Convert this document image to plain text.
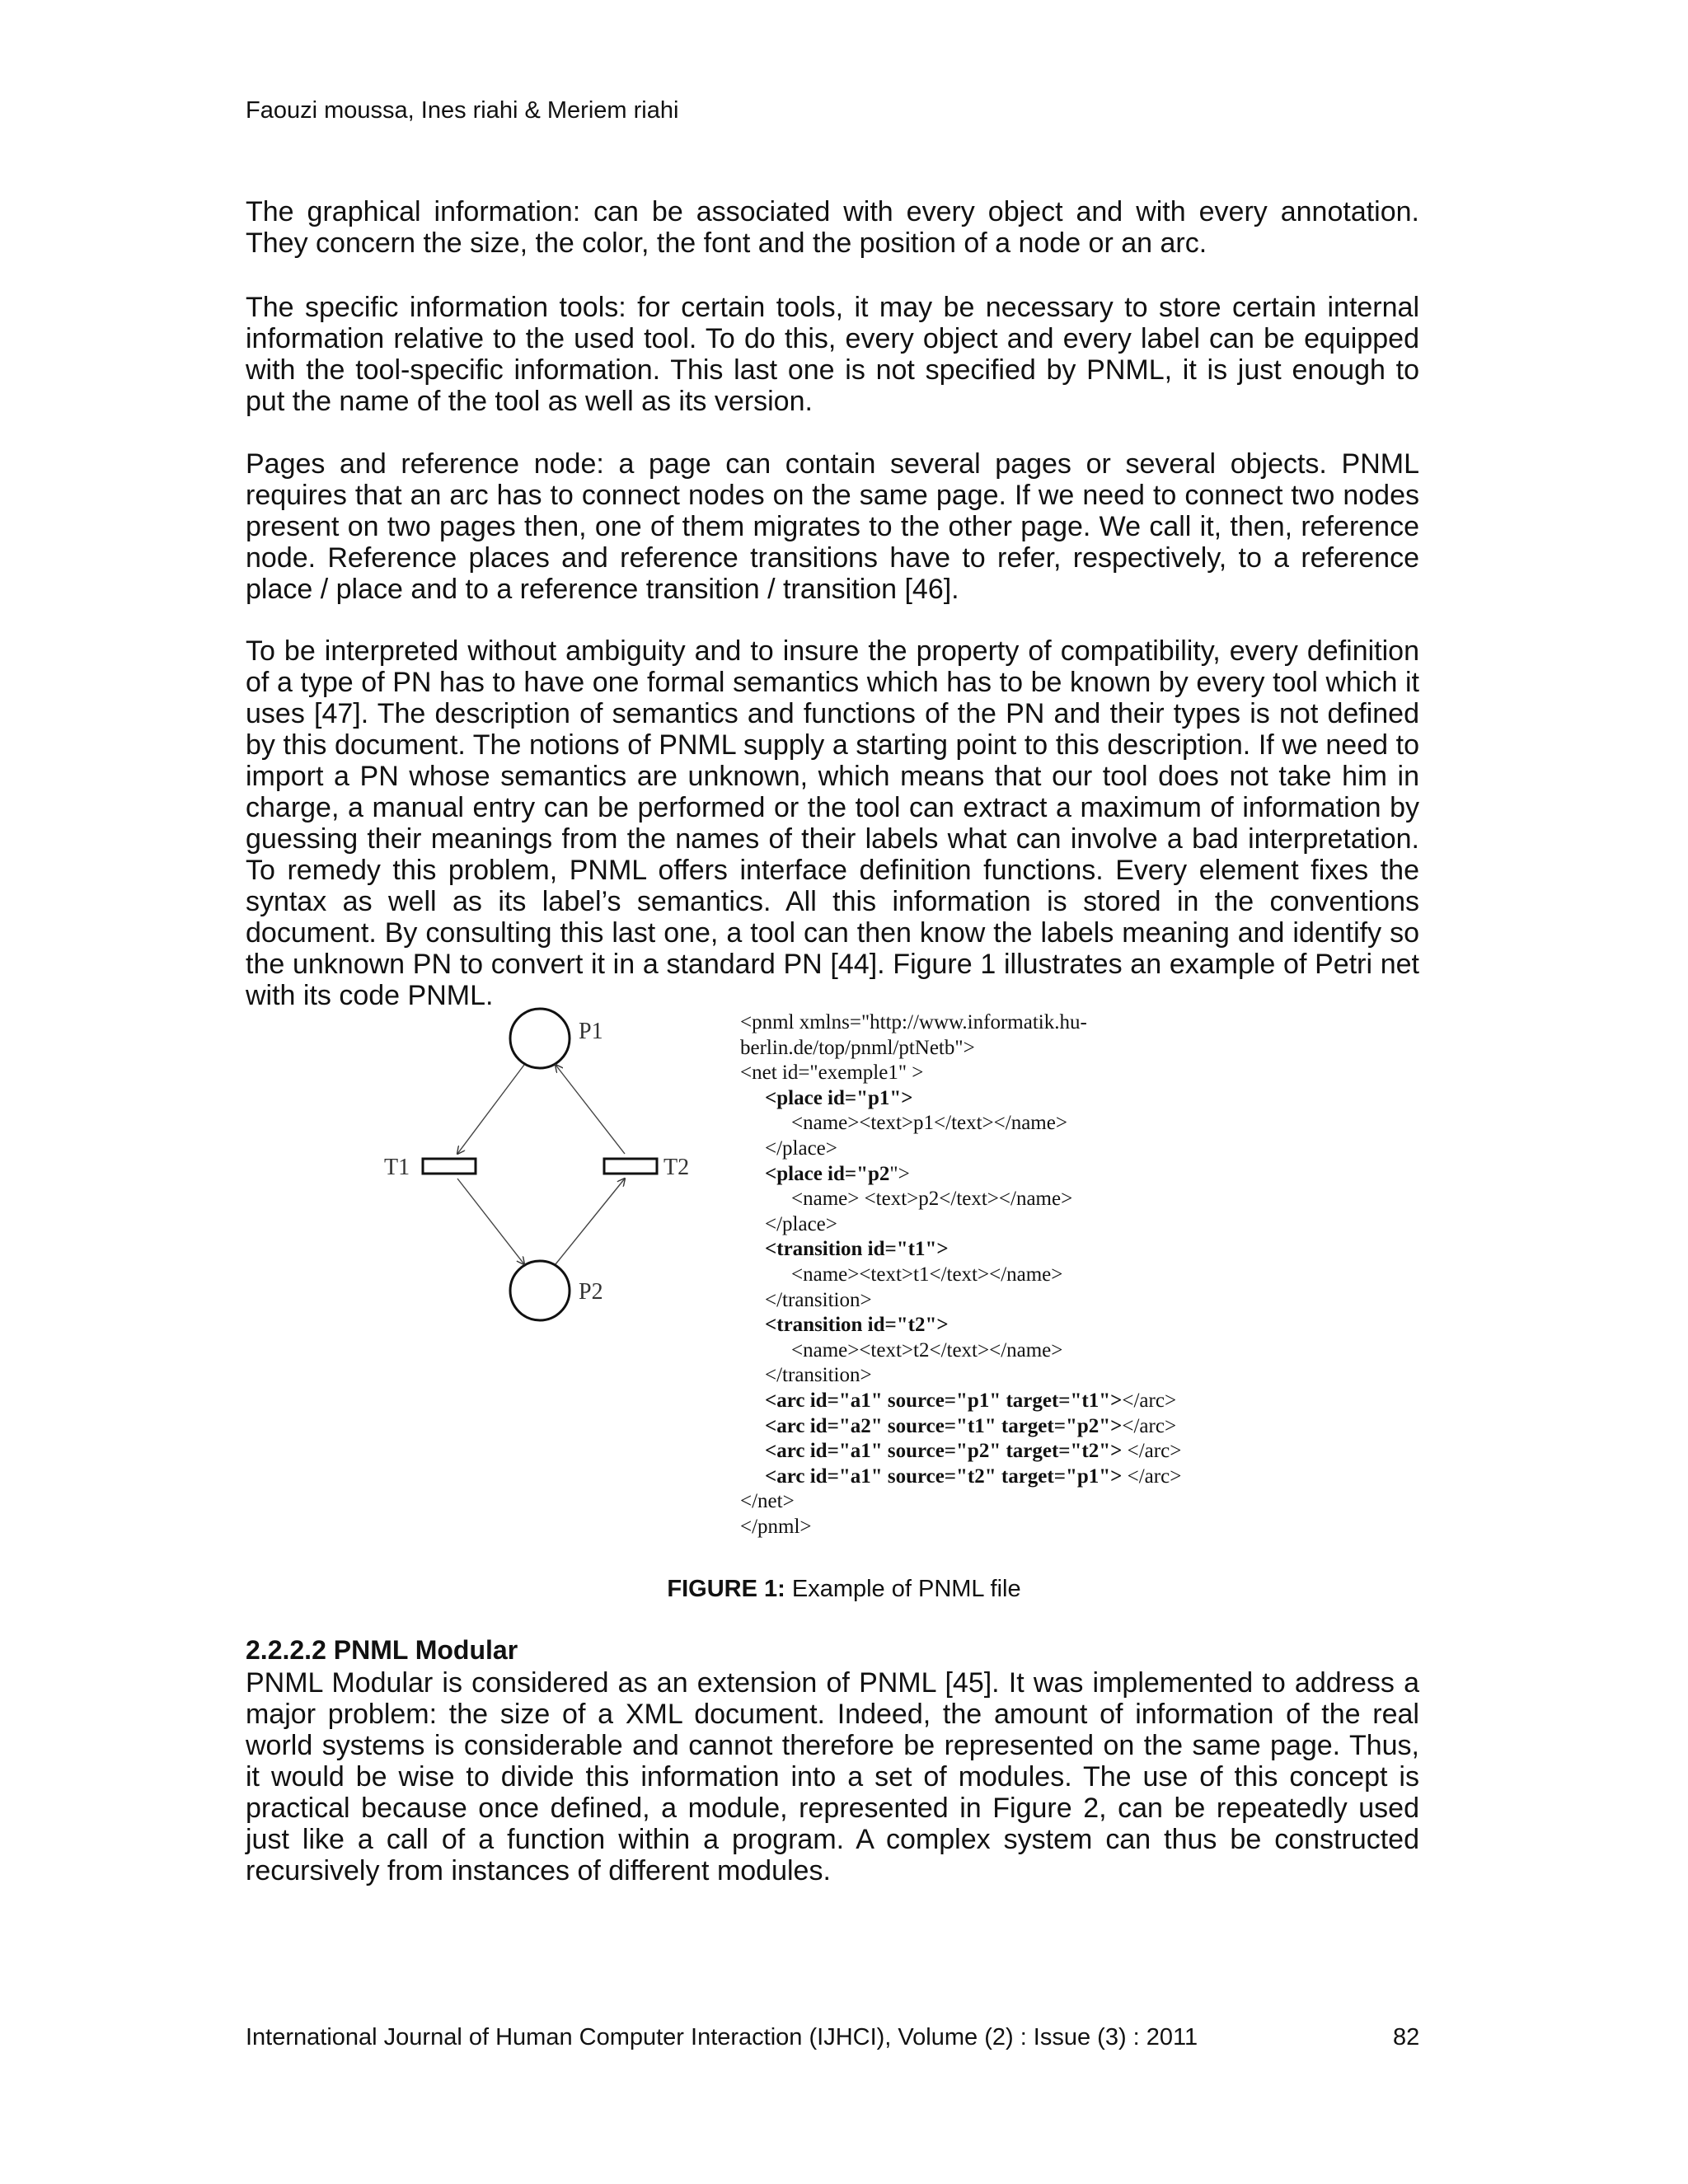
Faouzi moussa, Ines riahi & Meriem riahi

The graphical information: can be associated with every object and with every annotation. They concern the size, the color, the font and the position of a node or an arc.

The specific information tools: for certain tools, it may be necessary to store certain internal information relative to the used tool. To do this, every object and every label can be equipped with the tool-specific information. This last one is not specified by PNML, it is just enough to put the name of the tool as well as its version.

Pages and reference node: a page can contain several pages or several objects. PNML requires that an arc has to connect nodes on the same page. If we need to connect two nodes present on two pages then, one of them migrates to the other page. We call it, then, reference node. Reference places and reference transitions have to refer, respectively, to a reference place / place and to a reference transition / transition [46].

To be interpreted without ambiguity and to insure the property of compatibility, every definition of a type of PN has to have one formal semantics which has to be known by every tool which it uses [47]. The description of semantics and functions of the PN and their types is not defined by this document. The notions of PNML supply a starting point to this description. If we need to import a PN whose semantics are unknown, which means that our tool does not take him in charge, a manual entry can be performed or the tool can extract a maximum of information by guessing their meanings from the names of their labels what can involve a bad interpretation. To remedy this problem, PNML offers interface definition functions. Every element fixes the syntax as well as its label’s semantics. All this information is stored in the conventions document. By consulting this last one, a tool can then know the labels meaning and identify so the unknown PN to convert it in a standard PN [44]. Figure 1 illustrates an example of Petri net with its code PNML.

P1
P2
T1	T2
<pnml xmlns="http://www.informatik.hu-
berlin.de/top/pnml/ptNetb">
<net id="exemple1" >
<place id="p1">
<name><text>p1</text></name>
</place>
<place id="p2">
<name> <text>p2</text></name>
</place>
<transition id="t1">
<name><text>t1</text></name>
</transition>
<transition id="t2">
<name><text>t2</text></name>
</transition>
<arc id="a1" source="p1" target="t1"></arc>
<arc id="a2" source="t1" target="p2"></arc>
<arc id="a1" source="p2" target="t2"> </arc>
<arc id="a1" source="t2" target="p1"> </arc>
</net>
</pnml>
FIGURE 1: Example of PNML file
2.2.2.2 PNML Modular

PNML Modular is considered as an extension of PNML [45]. It was implemented to address a major problem: the size of a XML document. Indeed, the amount of information of the real world systems is considerable and cannot therefore be represented on the same page. Thus, it would be wise to divide this information into a set of modules. The use of this concept is practical because once defined, a module, represented in Figure 2, can be repeatedly used just like a call of a function within a program. A complex system can thus be constructed recursively from instances of different modules.

International Journal of Human Computer Interaction (IJHCI), Volume (2) : Issue (3) : 2011	82
